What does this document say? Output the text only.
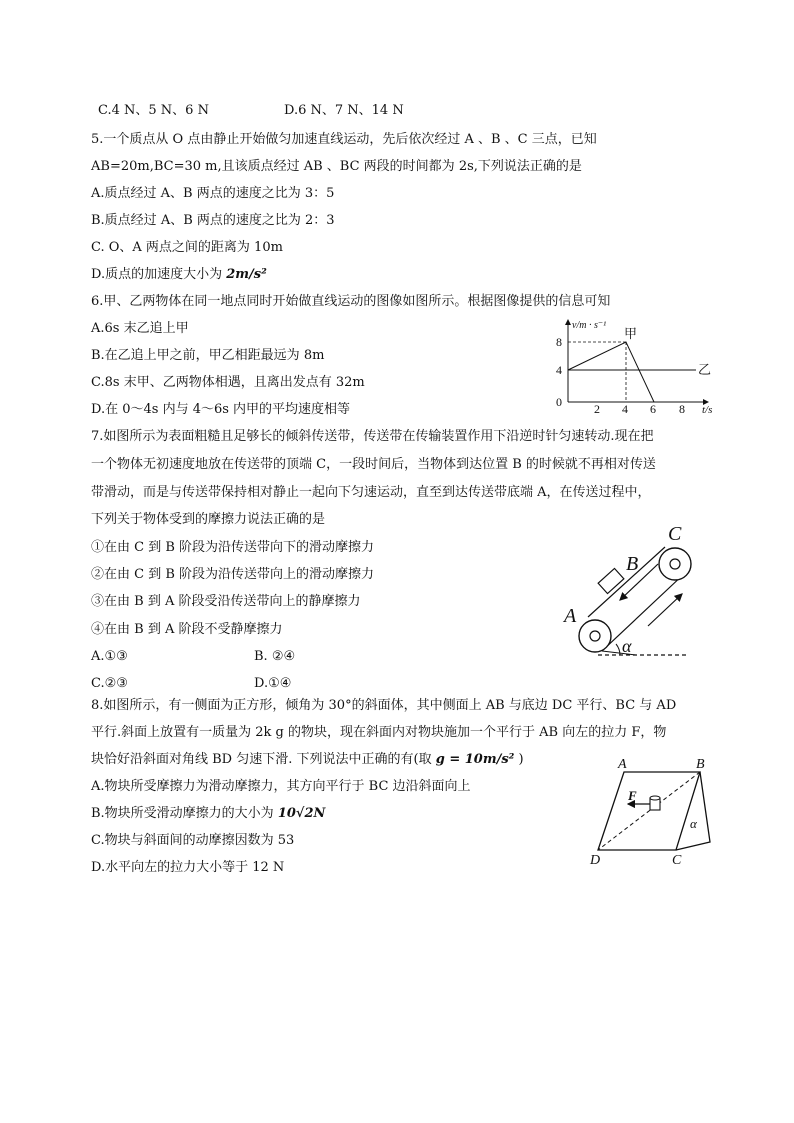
C.4 N、5 N、6 N	D.6 N、7 N、14 N
5.一个质点从 O 点由静止开始做匀加速直线运动，先后依次经过 A 、B 、C 三点，已知
AB=20m,BC=30 m,且该质点经过 AB 、BC 两段的时间都为 2s,下列说法正确的是
A.质点经过 A、B 两点的速度之比为 3：5
B.质点经过 A、B 两点的速度之比为 2：3
C. O、A 两点之间的距离为 10m
D.质点的加速度大小为 2m/s²
6.甲、乙两物体在同一地点同时开始做直线运动的图像如图所示。根据图像提供的信息可知
A.6s 末乙追上甲
B.在乙追上甲之前，甲乙相距最远为 8m
C.8s 末甲、乙两物体相遇，且离出发点有 32m
D.在 0～4s 内与 4～6s 内甲的平均速度相等
v/m · s⁻¹
t/s
0
8
4
2 4 6 8
甲
乙
7.如图所示为表面粗糙且足够长的倾斜传送带，传送带在传输装置作用下沿逆时针匀速转动.现在把
一个物体无初速度地放在传送带的顶端 C，一段时间后，当物体到达位置 B 的时候就不再相对传送
带滑动，而是与传送带保持相对静止一起向下匀速运动，直至到达传送带底端 A，在传送过程中，
下列关于物体受到的摩擦力说法正确的是
①在由 C 到 B 阶段为沿传送带向下的滑动摩擦力
②在由 C 到 B 阶段为沿传送带向上的滑动摩擦力
③在由 B 到 A 阶段受沿传送带向上的静摩擦力
④在由 B 到 A 阶段不受静摩擦力
A.①③	B. ②④
C.②③	D.①④
A
B
C
α
8.如图所示，有一侧面为正方形，倾角为 30°的斜面体，其中侧面上 AB 与底边 DC 平行、BC 与 AD
平行.斜面上放置有一质量为 2k g 的物块，现在斜面内对物块施加一个平行于 AB 向左的拉力 F，物
块恰好沿斜面对角线 BD 匀速下滑. 下列说法中正确的有(取 g = 10m/s² )
A.物块所受摩擦力为滑动摩擦力，其方向平行于 BC 边沿斜面向上
B.物块所受滑动摩擦力的大小为 10√2N
C.物块与斜面间的动摩擦因数为 53
D.水平向左的拉力大小等于 12 N
A	B
C
D
F
α
